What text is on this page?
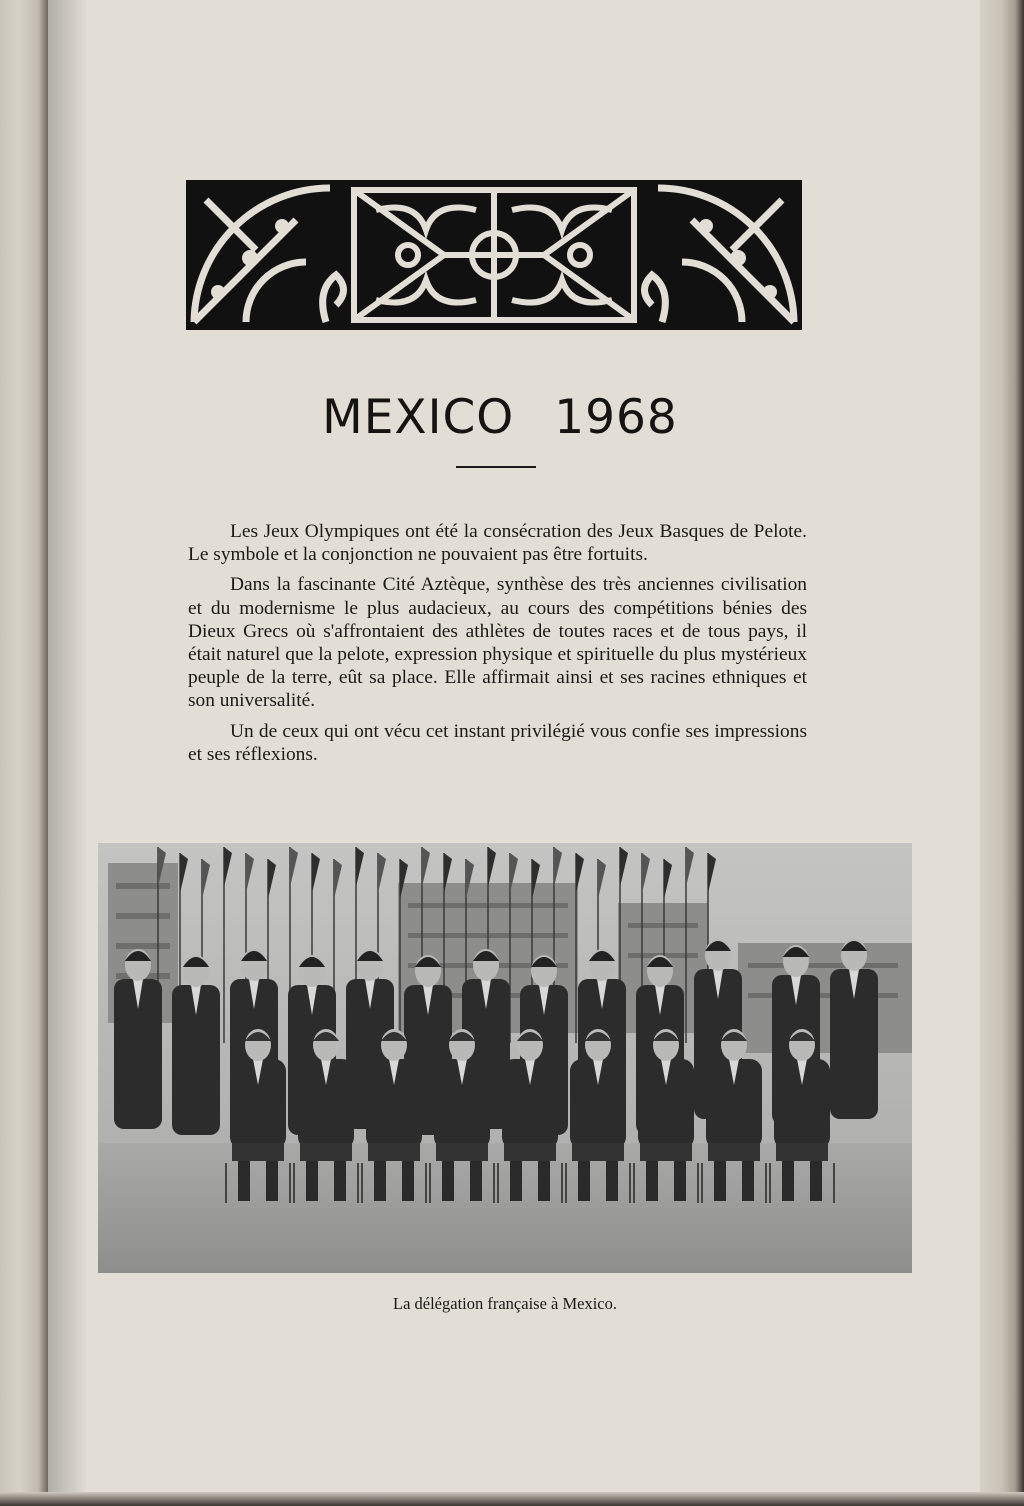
MEXICO 1968

Les Jeux Olympiques ont été la consécration des Jeux Basques de Pelote. Le symbole et la conjonction ne pouvaient pas être fortuits.

Dans la fascinante Cité Aztèque, synthèse des très anciennes civilisation et du modernisme le plus audacieux, au cours des compétitions bénies des Dieux Grecs où s'affrontaient des athlètes de toutes races et de tous pays, il était naturel que la pelote, expression physique et spirituelle du plus mystérieux peuple de la terre, eût sa place. Elle affirmait ainsi et ses racines ethniques et son universalité.

Un de ceux qui ont vécu cet instant privilégié vous confie ses impressions et ses réflexions.

La délégation française à Mexico.
